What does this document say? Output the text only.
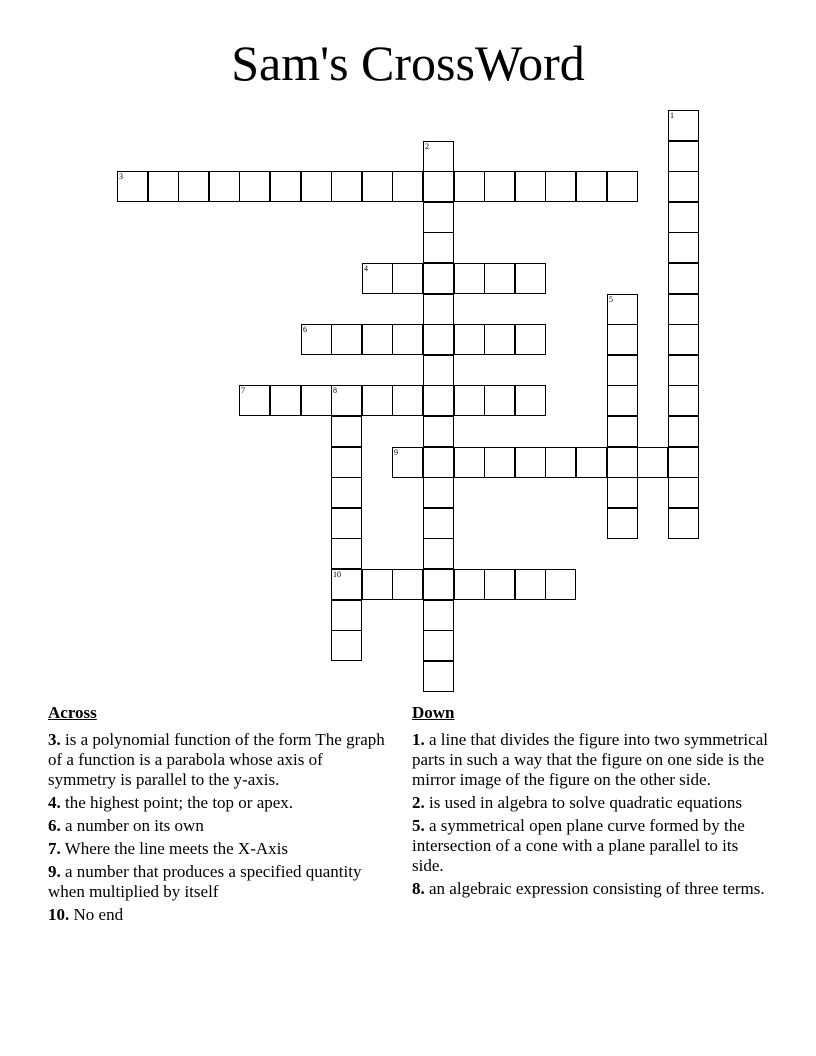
Sam's CrossWord
3
4
6
7	8
9
10
1
2
5
Across
3. is a polynomial function of the form The graph of a function is a parabola whose axis of symmetry is parallel to the y-axis.
4. the highest point; the top or apex.
6. a number on its own
7. Where the line meets the X-Axis
9. a number that produces a specified quantity when multiplied by itself
10. No end
Down
1. a line that divides the figure into two symmetrical parts in such a way that the figure on one side is the mirror image of the figure on the other side.
2. is used in algebra to solve quadratic equations
5. a symmetrical open plane curve formed by the intersection of a cone with a plane parallel to its side.
8. an algebraic expression consisting of three terms.
